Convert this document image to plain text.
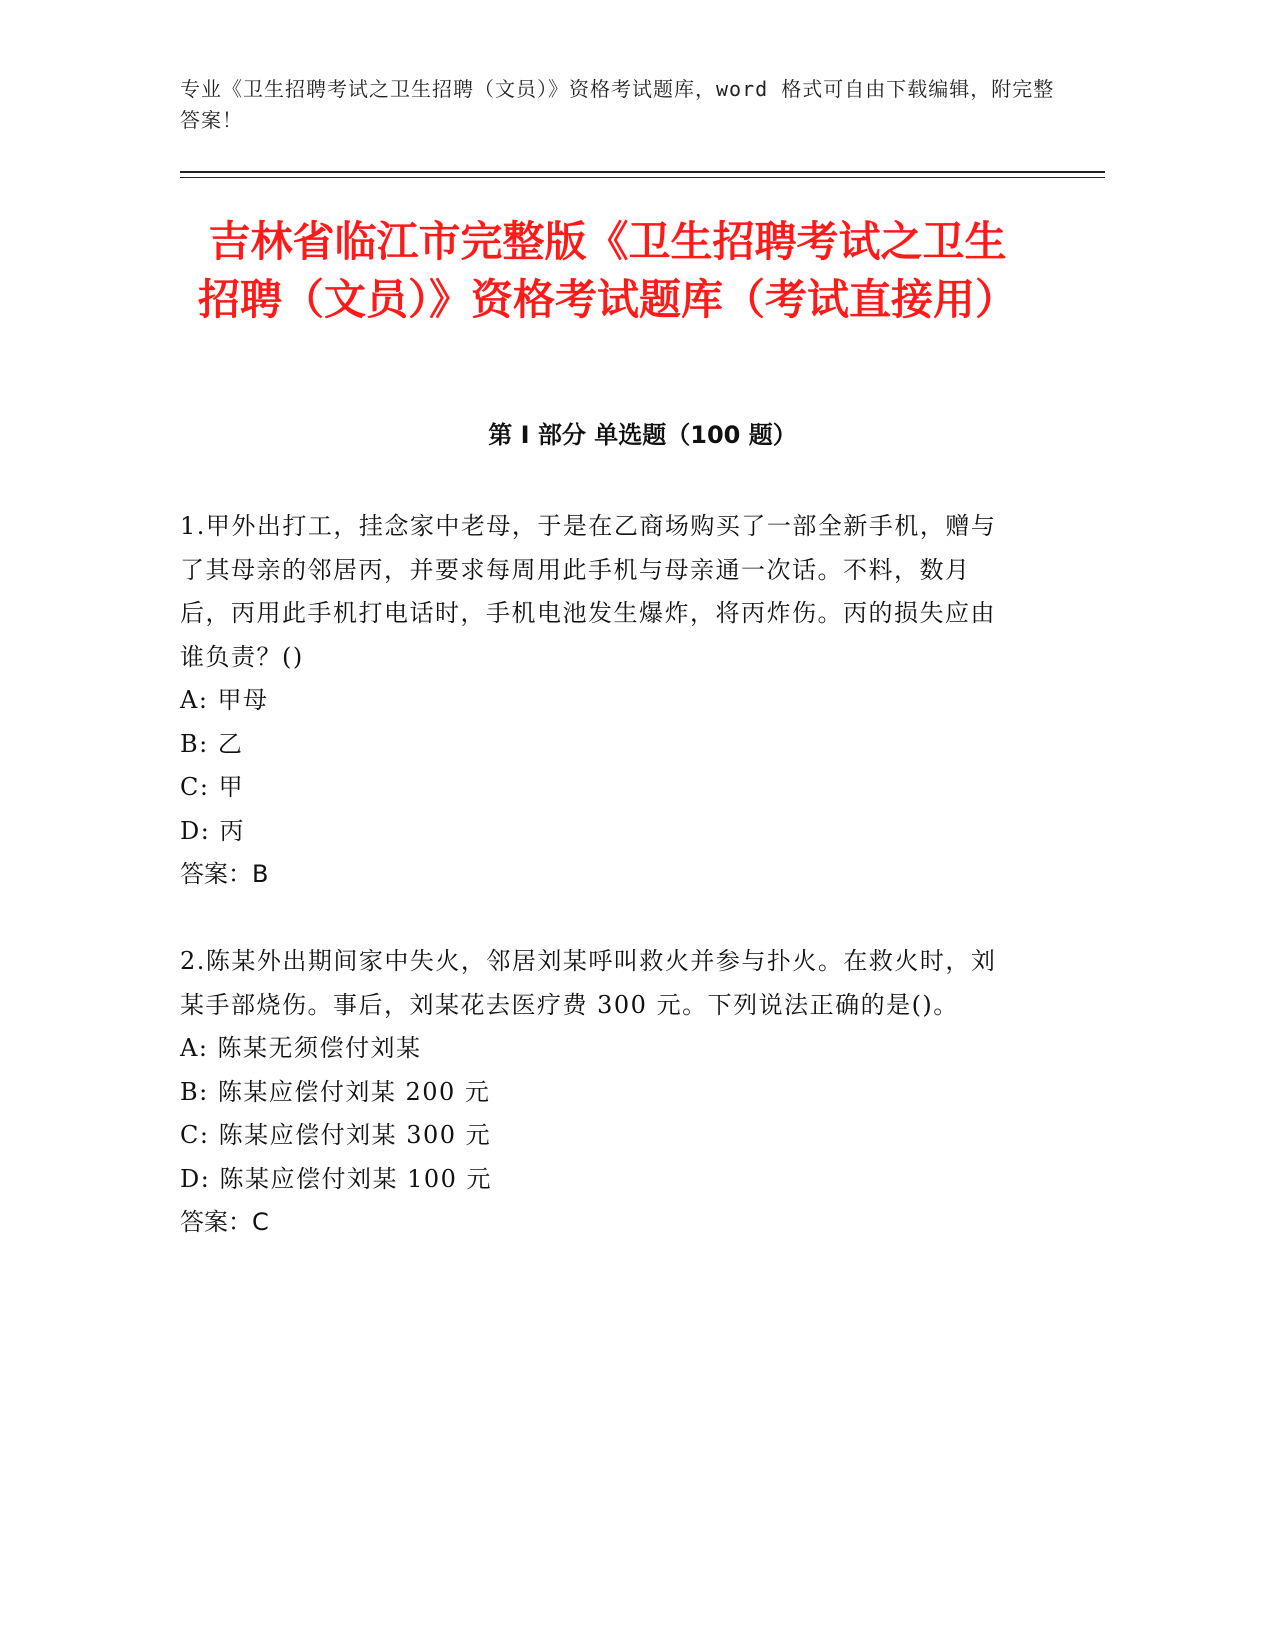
专业《卫生招聘考试之卫生招聘（文员）》资格考试题库，word 格式可自由下载编辑，附完整答案！
吉林省临江市完整版《卫生招聘考试之卫生招聘（文员）》资格考试题库（考试直接用）
第 I 部分 单选题（100 题）

1.甲外出打工，挂念家中老母，于是在乙商场购买了一部全新手机，赠与了其母亲的邻居丙，并要求每周用此手机与母亲通一次话。不料，数月后，丙用此手机打电话时，手机电池发生爆炸，将丙炸伤。丙的损失应由谁负责？()

A: 甲母

B: 乙

C: 甲

D: 丙

答案：B

2.陈某外出期间家中失火，邻居刘某呼叫救火并参与扑火。在救火时，刘某手部烧伤。事后，刘某花去医疗费 300 元。下列说法正确的是()。

A: 陈某无须偿付刘某

B: 陈某应偿付刘某 200 元

C: 陈某应偿付刘某 300 元

D: 陈某应偿付刘某 100 元

答案：C
